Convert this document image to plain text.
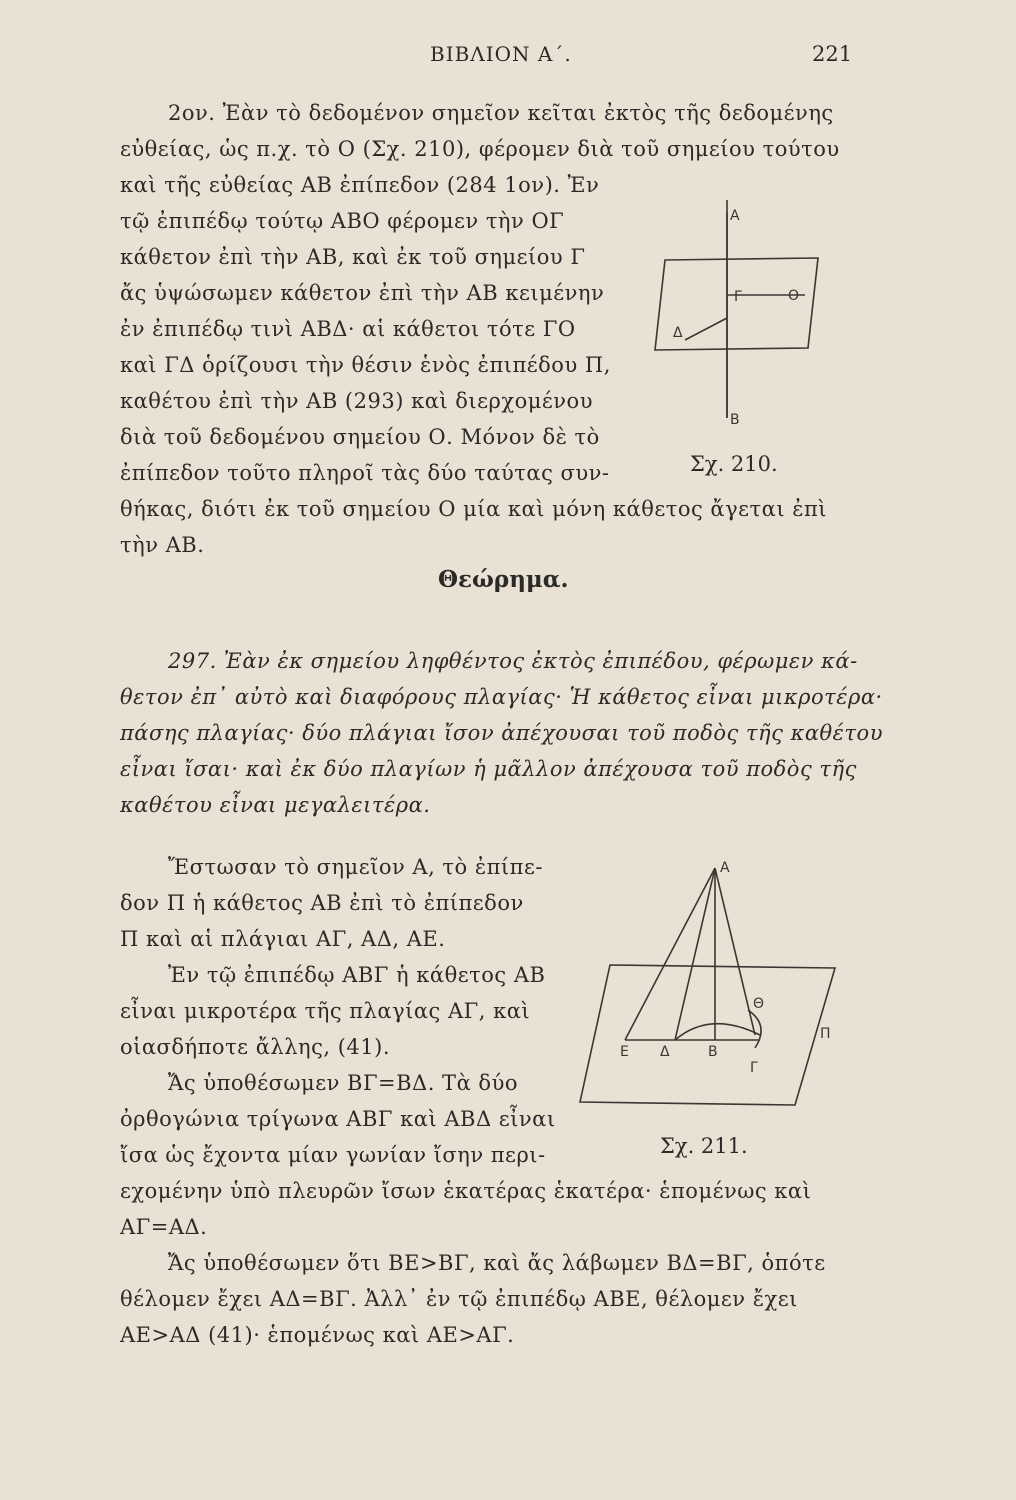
ΒΙΒΛΙΟΝ Α΄.	221
2ον. Ἐὰν τὸ δεδομένον σημεῖον κεῖται ἐκτὸς τῆς δεδομένης
εὐθείας, ὡς π.χ. τὸ Ο (Σχ. 210), φέρομεν διὰ τοῦ σημείου τούτου
καὶ τῆς εὐθείας ΑΒ ἐπίπεδον (284 1ον). Ἐν
τῷ ἐπιπέδῳ τούτῳ ΑΒΟ φέρομεν τὴν ΟΓ
κάθετον ἐπὶ τὴν ΑΒ, καὶ ἐκ τοῦ σημείου Γ
ἄς ὑψώσωμεν κάθετον ἐπὶ τὴν ΑΒ κειμένην
ἐν ἐπιπέδῳ τινὶ ΑΒΔ· αἱ κάθετοι τότε ΓΟ
καὶ ΓΔ ὁρίζουσι τὴν θέσιν ἑνὸς ἐπιπέδου Π,
καθέτου ἐπὶ τὴν ΑΒ (293) καὶ διερχομένου
διὰ τοῦ δεδομένου σημείου Ο. Μόνον δὲ τὸ
ἐπίπεδον τοῦτο πληροῖ τὰς δύο ταύτας συν-
θήκας, διότι ἐκ τοῦ σημείου Ο μία καὶ μόνη κάθετος ἄγεται ἐπὶ
τὴν ΑΒ.
A
Γ	O
Δ
B
Σχ. 210.
Θεώρημα.
297. Ἐὰν ἐκ σημείου ληφθέντος ἐκτὸς ἐπιπέδου, φέρωμεν κά-
θετον ἐπ᾽ αὐτὸ καὶ διαφόρους πλαγίας· Ἡ κάθετος εἶναι μικροτέρα·
πάσης πλαγίας· δύο πλάγιαι ἴσον ἀπέχουσαι τοῦ ποδὸς τῆς καθέτου
εἶναι ἴσαι· καὶ ἐκ δύο πλαγίων ἡ μᾶλλον ἀπέχουσα τοῦ ποδὸς τῆς
καθέτου εἶναι μεγαλειτέρα.
Ἔστωσαν τὸ σημεῖον Α, τὸ ἐπίπε-
δον Π ἡ κάθετος ΑΒ ἐπὶ τὸ ἐπίπεδον
Π καὶ αἱ πλάγιαι ΑΓ, ΑΔ, ΑΕ.
Ἐν τῷ ἐπιπέδῳ ΑΒΓ ἡ κάθετος ΑΒ
εἶναι μικροτέρα τῆς πλαγίας ΑΓ, καὶ
οἱασδήποτε ἄλλης, (41).
Ἄς ὑποθέσωμεν ΒΓ=ΒΔ. Τὰ δύο
ὀρθογώνια τρίγωνα ΑΒΓ καὶ ΑΒΔ εἶναι
ἴσα ὡς ἔχοντα μίαν γωνίαν ἴσην περι-
εχομένην ὑπὸ πλευρῶν ἴσων ἑκατέρας ἑκατέρα· ἑπομένως καὶ
ΑΓ=ΑΔ.
Ἄς ὑποθέσωμεν ὅτι ΒΕ>ΒΓ, καὶ ἄς λάβωμεν ΒΔ=ΒΓ, ὁπότε
θέλομεν ἔχει ΑΔ=ΒΓ. Ἀλλ᾽ ἐν τῷ ἐπιπέδῳ ΑΒΕ, θέλομεν ἔχει
ΑΕ>ΑΔ (41)· ἑπομένως καὶ ΑΕ>ΑΓ.
A
E Δ	B
Γ
Θ
Π
Σχ. 211.
